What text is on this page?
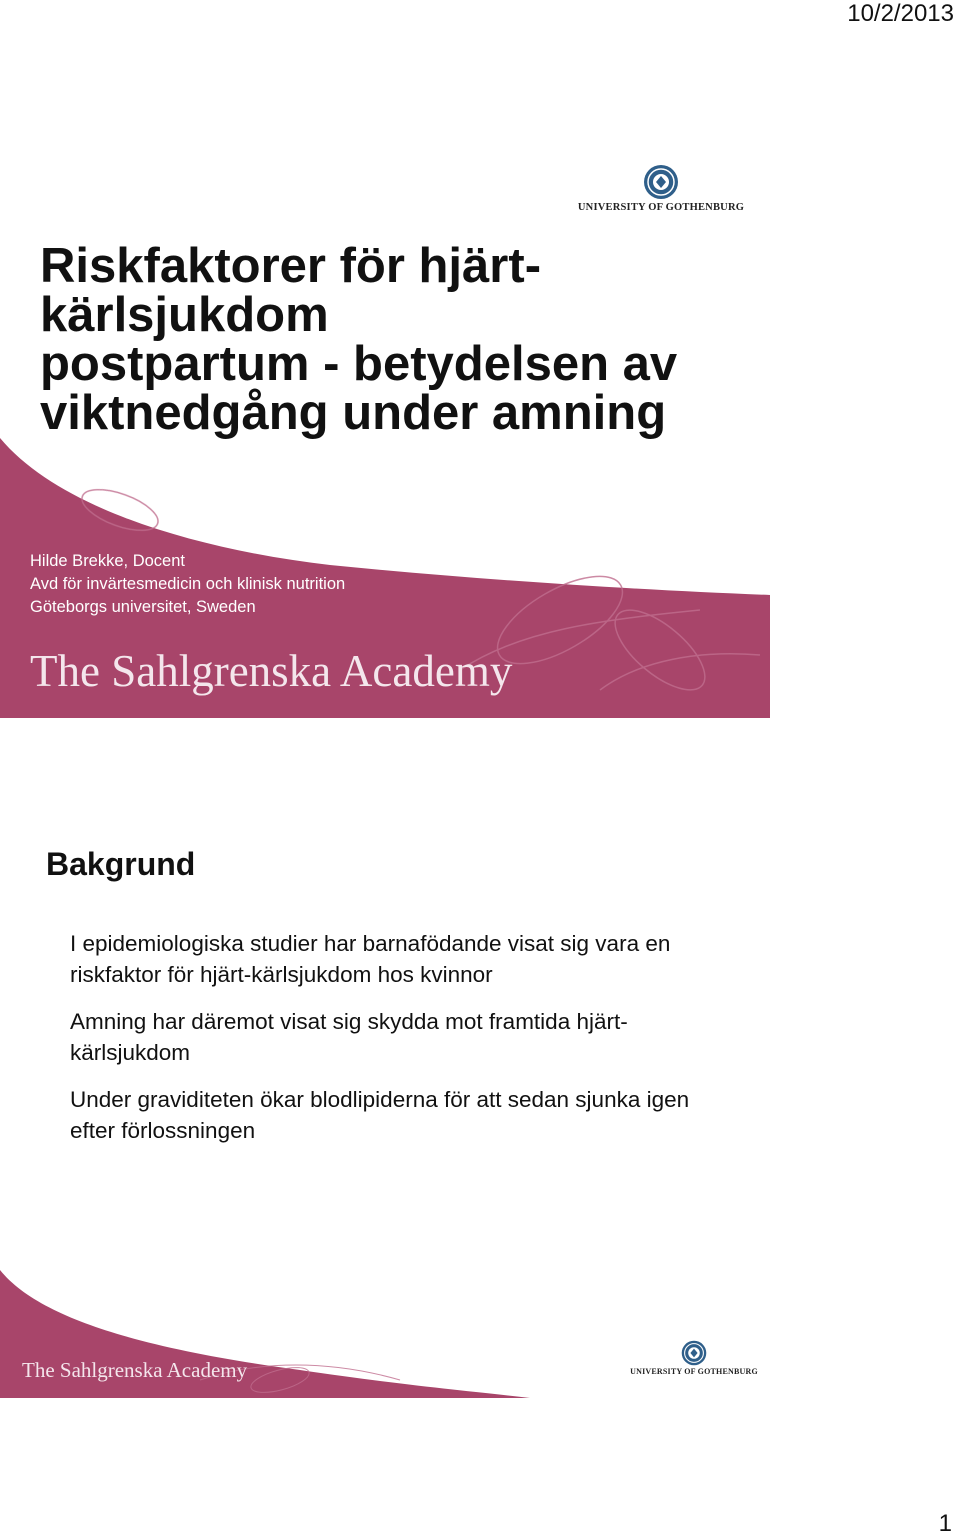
10/2/2013
UNIVERSITY OF GOTHENBURG
Riskfaktorer för hjärt-
kärlsjukdom
postpartum - betydelsen av
viktnedgång under amning
Hilde Brekke, Docent
Avd för invärtesmedicin och klinisk nutrition
Göteborgs universitet, Sweden
The Sahlgrenska Academy
Bakgrund
I epidemiologiska studier har barnafödande visat sig vara en riskfaktor för hjärt-kärlsjukdom hos kvinnor
Amning har däremot visat sig skydda mot framtida hjärt-kärlsjukdom
Under graviditeten ökar blodlipiderna för att sedan sjunka igen efter förlossningen
The Sahlgrenska Academy	UNIVERSITY OF GOTHENBURG
1
